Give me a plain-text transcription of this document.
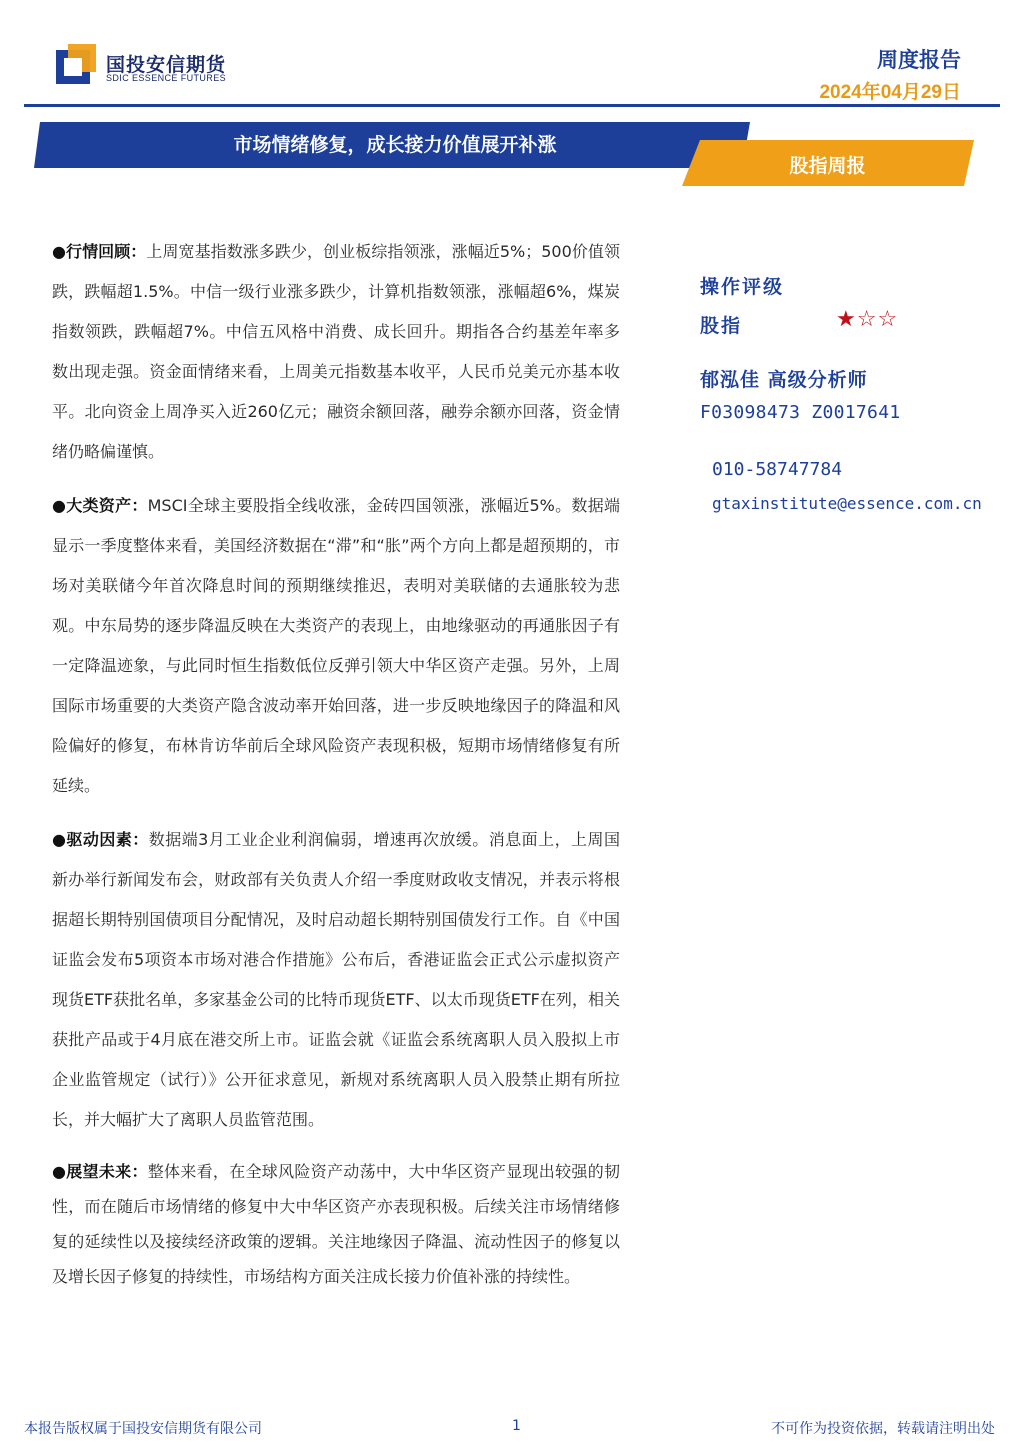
国投安信期货
SDIC ESSENCE FUTURES
周度报告
2024年04月29日
市场情绪修复，成长接力价值展开补涨
股指周报

●行情回顾：上周宽基指数涨多跌少，创业板综指领涨，涨幅近5%；500价值领跌，跌幅超1.5%。中信一级行业涨多跌少，计算机指数领涨，涨幅超6%，煤炭指数领跌，跌幅超7%。中信五风格中消费、成长回升。期指各合约基差年率多数出现走强。资金面情绪来看，上周美元指数基本收平，人民币兑美元亦基本收平。北向资金上周净买入近260亿元；融资余额回落，融券余额亦回落，资金情绪仍略偏谨慎。

●大类资产：MSCI全球主要股指全线收涨，金砖四国领涨，涨幅近5%。数据端显示一季度整体来看，美国经济数据在“滞”和“胀”两个方向上都是超预期的，市场对美联储今年首次降息时间的预期继续推迟，表明对美联储的去通胀较为悲观。中东局势的逐步降温反映在大类资产的表现上，由地缘驱动的再通胀因子有一定降温迹象，与此同时恒生指数低位反弹引领大中华区资产走强。另外，上周国际市场重要的大类资产隐含波动率开始回落，进一步反映地缘因子的降温和风险偏好的修复，布林肯访华前后全球风险资产表现积极，短期市场情绪修复有所延续。

●驱动因素：数据端3月工业企业利润偏弱，增速再次放缓。消息面上，上周国新办举行新闻发布会，财政部有关负责人介绍一季度财政收支情况，并表示将根据超长期特别国债项目分配情况，及时启动超长期特别国债发行工作。自《中国证监会发布5项资本市场对港合作措施》公布后，香港证监会正式公示虚拟资产现货ETF获批名单，多家基金公司的比特币现货ETF、以太币现货ETF在列，相关获批产品或于4月底在港交所上市。证监会就《证监会系统离职人员入股拟上市企业监管规定（试行）》公开征求意见，新规对系统离职人员入股禁止期有所拉长，并大幅扩大了离职人员监管范围。

●展望未来：整体来看，在全球风险资产动荡中，大中华区资产显现出较强的韧性，而在随后市场情绪的修复中大中华区资产亦表现积极。后续关注市场情绪修复的延续性以及接续经济政策的逻辑。关注地缘因子降温、流动性因子的修复以及增长因子修复的持续性，市场结构方面关注成长接力价值补涨的持续性。

操作评级
股指	★☆☆
郁泓佳 高级分析师
F03098473 Z0017641
010-58747784
gtaxinstitute@essence.com.cn
本报告版权属于国投安信期货有限公司	1	不可作为投资依据，转载请注明出处
